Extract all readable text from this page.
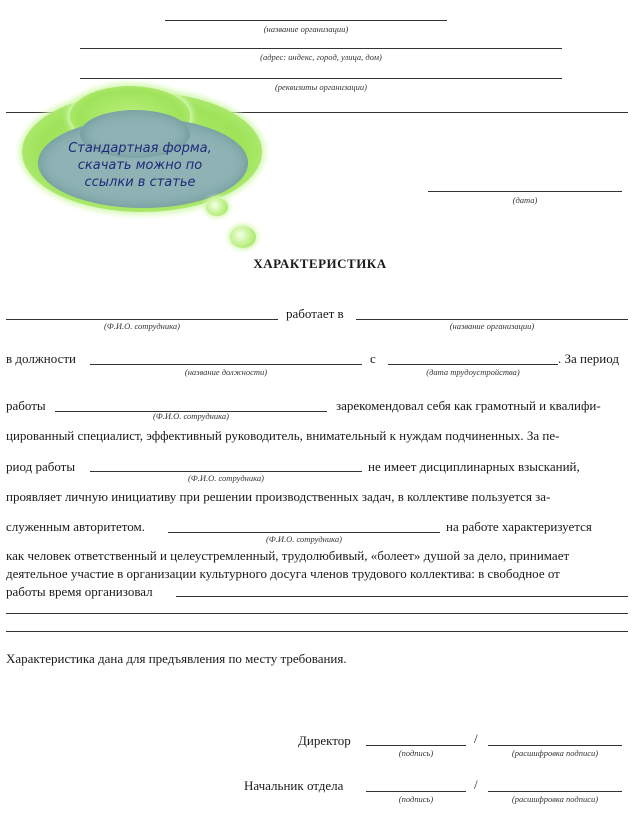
(название организации)
(адрес: индекс, город, улица, дом)
(реквизиты организации)
Стандартная форма,
скачать можно по
ссылки в статье
(дата)
ХАРАКТЕРИСТИКА
(Ф.И.О. сотрудника)
работает в
(название организации)
в должности
(название должности)
с
(дата трудоустройства)
. За период
работы
(Ф.И.О. сотрудника)
зарекомендовал себя как грамотный и квалифи-
цированный специалист, эффективный руководитель, внимательный к нуждам подчиненных. За пе-
риод работы
(Ф.И.О. сотрудника)
не имеет дисциплинарных взысканий,
проявляет личную инициативу при решении производственных задач, в коллективе пользуется за-
служенным авторитетом.
(Ф.И.О. сотрудника)
на работе характеризуется
как человек ответственный и целеустремленный, трудолюбивый, «болеет» душой за дело, принимает
деятельное участие в организации культурного досуга членов трудового коллектива: в свободное от
работы время организовал
Характеристика дана для предъявления по месту требования.
Директор
(подпись)
/
(расшифровка подписи)
Начальник отдела
(подпись)
/
(расшифровка подписи)
